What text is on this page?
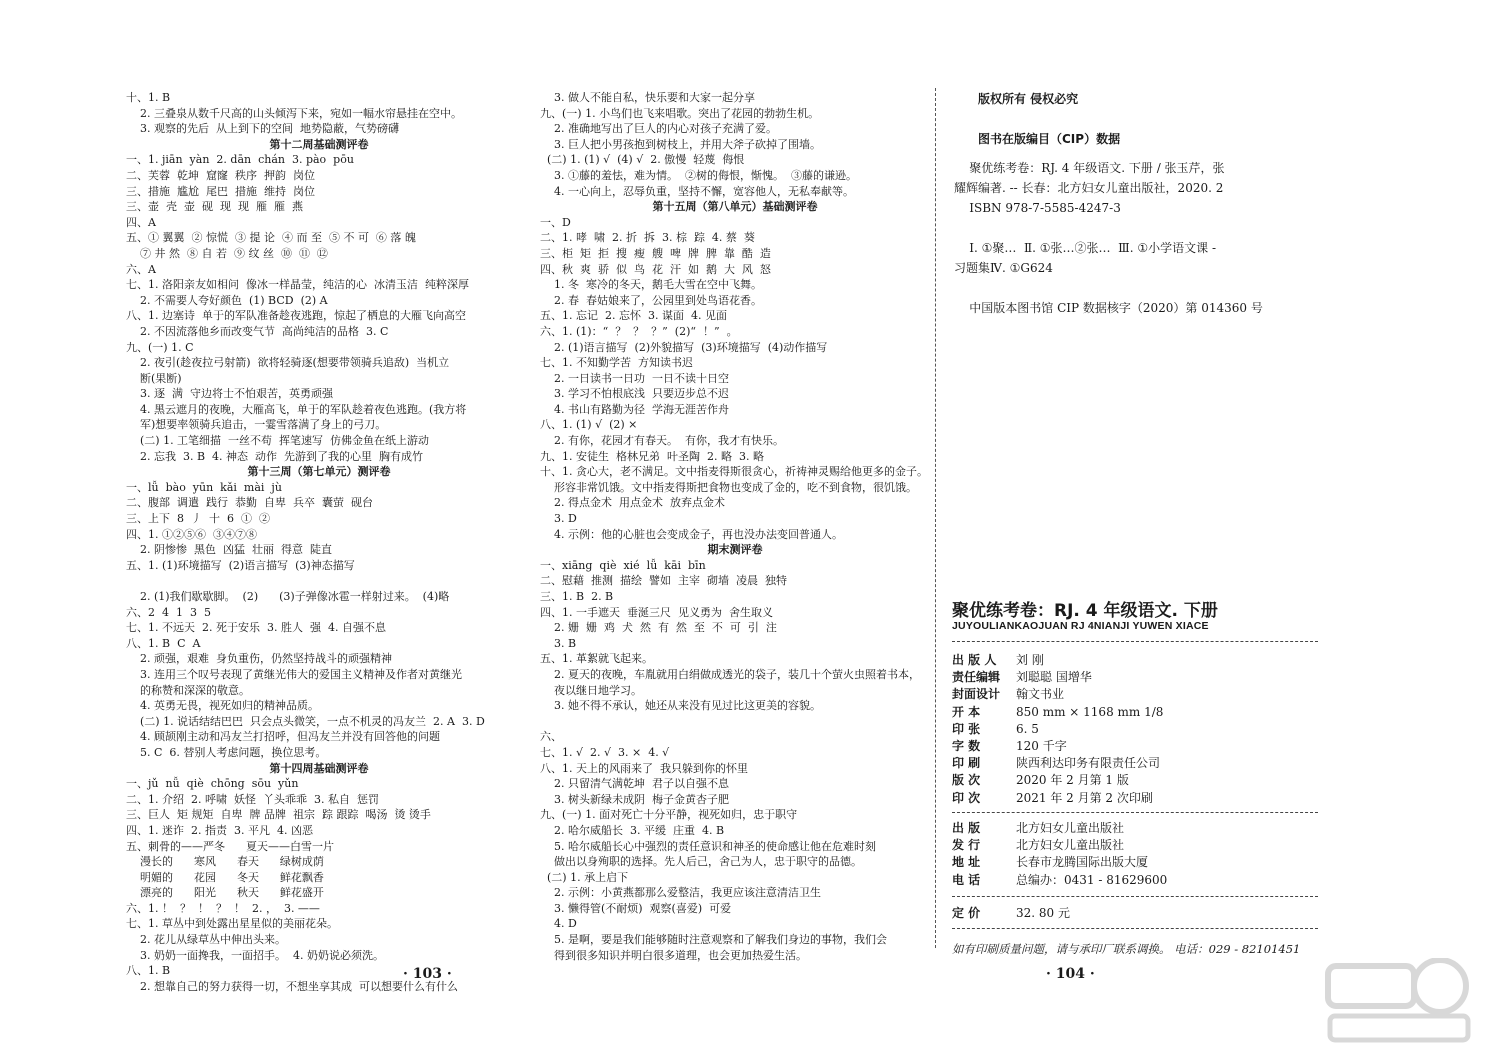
十、1. B
2. 三叠泉从数千尺高的山头倾泻下来，宛如一幅水帘悬挂在空中。
3. 观察的先后  从上到下的空间  地势隐蔽，气势磅礴
第十二周基础测评卷
一、1. jiān  yàn  2. dān  chán  3. pào  pōu
二、芙蓉  乾坤  窟窿  秩序  押韵  岗位
三、措施  尴尬  尾巴  措施  维持  岗位
三、壶  壳  壶  砚  现  现  雁  雁  燕
四、A
五、① 翼翼  ② 惊慌  ③ 提 论  ④ 而 至  ⑤ 不 可  ⑥ 落 魄
⑦ 井 然  ⑧ 自 若  ⑨ 纹 丝  ⑩  ⑪  ⑫
六、A
七、1. 洛阳亲友如相问  像冰一样晶莹，纯洁的心  冰清玉洁  纯粹深厚
2. 不需要人夸好颜色  (1) BCD  (2) A
八、1. 边塞诗  单于的军队准备趁夜逃跑，惊起了栖息的大雁飞向高空
2. 不因流落他乡而改变气节  高尚纯洁的品格  3. C
九、(一) 1. C
2. 夜引(趁夜拉弓射箭)  欲将轻骑逐(想要带领骑兵追敌)  当机立
断(果断)
3. 逐  满  守边将士不怕艰苦，英勇顽强
4. 黑云遮月的夜晚，大雁高飞，单于的军队趁着夜色逃跑。(我方将
军)想要率领骑兵追击，一霎雪落满了身上的弓刀。
(二) 1. 工笔细描  一丝不苟  挥笔速写  仿佛金鱼在纸上游动
2. 忘我  3. B  4. 神态  动作  先游到了我的心里  胸有成竹
第十三周（第七单元）测评卷
一、lǚ  bào  yūn  kǎi  mài  jù
二、腹部  调遣  践行  恭勤  自卑  兵卒  囊萤  砚台
三、上下  8  丿  十  6  ①  ②
四、1. ①②⑤⑥  ③④⑦⑧
2. 阴惨惨  黑色  凶猛  壮丽  得意  陡直
五、1. (1)环境描写  (2)语言描写  (3)神态描写
2. (1)我们歇歇脚。  (2)      (3)子弹像冰雹一样射过来。  (4)略
六、2  4  1  3  5
七、1. 不远天  2. 死于安乐  3. 胜人  强  4. 自强不息
八、1. B  C  A
2. 顽强，艰难  身负重伤，仍然坚持战斗的顽强精神
3. 连用三个叹号表现了黄继光伟大的爱国主义精神及作者对黄继光
的称赞和深深的敬意。
4. 英勇无畏，视死如归的精神品质。
(二) 1. 说话结结巴巴  只会点头微笑，一点不机灵的冯友兰  2. A  3. D
4. 顾颉刚主动和冯友兰打招呼，但冯友兰并没有回答他的问题
5. C  6. 替别人考虑问题，换位思考。
第十四周基础测评卷
一、jǔ  nǚ  qiè  chōng  sōu  yǔn
二、1. 介绍  2. 呼啸  妖怪  丫头乖乖  3. 私自  惩罚
三、巨人  矩 规矩  自卑  牌 品牌  祖宗  踪 跟踪  喝汤  烫 烫手
四、1. 迷诈  2. 指责  3. 平凡  4. 凶恶
五、刺骨的——严冬      夏天——白雪一片
漫长的      寒风      春天      绿树成荫
明媚的      花园      冬天      鲜花飘香
漂亮的      阳光      秋天      鲜花盛开
六、1. ！  ？  ！  ？  ！  2. ，  3. ——
七、1. 草丛中到处露出星星似的美丽花朵。
2. 花儿从绿草丛中伸出头来。
3. 奶奶一面搀我，一面招手。  4. 奶奶说必须洗。
八、1. B
2. 想靠自己的努力获得一切，不想坐享其成  可以想要什么有什么
3. 做人不能自私，快乐要和大家一起分享
九、(一) 1. 小鸟们也飞来唱歌。突出了花园的勃勃生机。
2. 准确地写出了巨人的内心对孩子充满了爱。
3. 巨人把小男孩抱到树枝上，并用大斧子砍掉了围墙。
(二) 1. (1) √  (4) √  2. 傲慢  轻蔑  侮恨
3. ①藤的羞怯，难为情。  ②树的侮恨，惭愧。  ③藤的谦逊。
4. 一心向上，忍辱负重，坚持不懈，宽容他人，无私奉献等。
第十五周（第八单元）基础测评卷
一、D
二、1. 哮  啸  2. 折  拆  3. 棕  踪  4. 蔡  葵
三、柜  矩  拒  搜  瘦  艘  啤  牌  脾  靠  酷  造
四、秋  爽  骄  似  鸟  花  汗  如  鹅  大  风  怒
1. 冬  寒冷的冬天，鹅毛大雪在空中飞舞。
2. 春  春姑娘来了，公园里到处鸟语花香。
五、1. 忘记  2. 忘怀  3. 谋面  4. 见面
六、1. (1)：“  ？  ？  ？”  (2)“  ！”  。
2. (1)语言描写  (2)外貌描写  (3)环境描写  (4)动作描写
七、1. 不知勤学苦  方知读书迟
2. 一日读书一日功  一日不读十日空
3. 学习不怕根底浅  只要迈步总不迟
4. 书山有路勤为径  学海无涯苦作舟
八、1. (1) √  (2) ×
2. 有你，花园才有春天。  有你，我才有快乐。
九、1. 安徒生  格林兄弟  叶圣陶  2. 略  3. 略
十、1. 贪心大，老不满足。文中指麦得斯很贪心，祈祷神灵赐给他更多的金子。
形容非常饥饿。文中指麦得斯把食物也变成了金的，吃不到食物，很饥饿。
2. 得点金术  用点金术  放弃点金术
3. D
4. 示例：他的心脏也会变成金子，再也没办法变回普通人。
期末测评卷
一、xiāng  qiè  xié  lǚ  kāi  bīn
二、慰藉  推测  描绘  譬如  主宰  砌墙  凌晨  独特
三、1. B  2. B
四、1. 一手遮天  垂涎三尺  见义勇为  舍生取义
2. 姗  姗  鸡  犬  然  有  然  至  不  可  引  注
3. B
五、1. 革絮就飞起来。
2. 夏天的夜晚，车胤就用白绢做成透光的袋子，装几十个萤火虫照着书本，
夜以继日地学习。
3. 她不得不承认，她还从来没有见过比这更美的容貌。
六、
七、1. √  2. √  3. ×  4. √
八、1. 天上的风雨来了  我只躲到你的怀里
2. 只留清气满乾坤  君子以自强不息
3. 树头新绿未成阴  梅子金黄杏子肥
九、(一) 1. 面对死亡十分平静，视死如归，忠于职守
2. 哈尔威船长  3. 平缓  庄重  4. B
5. 哈尔威船长心中强烈的责任意识和神圣的使命感让他在危难时刻
做出以身殉职的选择。先人后己，舍己为人，忠于职守的品德。
(二) 1. 承上启下
2. 示例：小黄燕都那么爱整洁，我更应该注意清洁卫生
3. 懒得管(不耐烦)  观察(喜爱)  可爱
4. D
5. 是啊，要是我们能够随时注意观察和了解我们身边的事物，我们会
得到很多知识并明白很多道理，也会更加热爱生活。
· 103 ·
版权所有 侵权必究
图书在版编目（CIP）数据
聚优练考卷：RJ. 4 年级语文. 下册 / 张玉芹，张
耀辉编著. -- 长春：北方妇女儿童出版社，2020. 2
ISBN 978-7-5585-4247-3
Ⅰ. ①聚…  Ⅱ. ①张…②张…  Ⅲ. ①小学语文课 -
习题集Ⅳ. ①G624
中国版本图书馆 CIP 数据核字（2020）第 014360 号
聚优练考卷：RJ. 4 年级语文. 下册
JUYOULIANKAOJUAN RJ 4NIANJI YUWEN XIACE
出 版 人	刘 刚
责任编辑	刘聪聪 国增华
封面设计	翰文书业
开 本	850 mm × 1168 mm 1/8
印 张	6. 5
字 数	120 千字
印 刷	陕西利达印务有限责任公司
版 次	2020 年 2 月第 1 版
印 次	2021 年 2 月第 2 次印刷
出 版	北方妇女儿童出版社
发 行	北方妇女儿童出版社
地 址	长春市龙腾国际出版大厦
电 话	总编办：0431 - 81629600
定 价	32. 80 元
如有印刷质量问题，请与承印厂联系调换。 电话：029 - 82101451
· 104 ·
